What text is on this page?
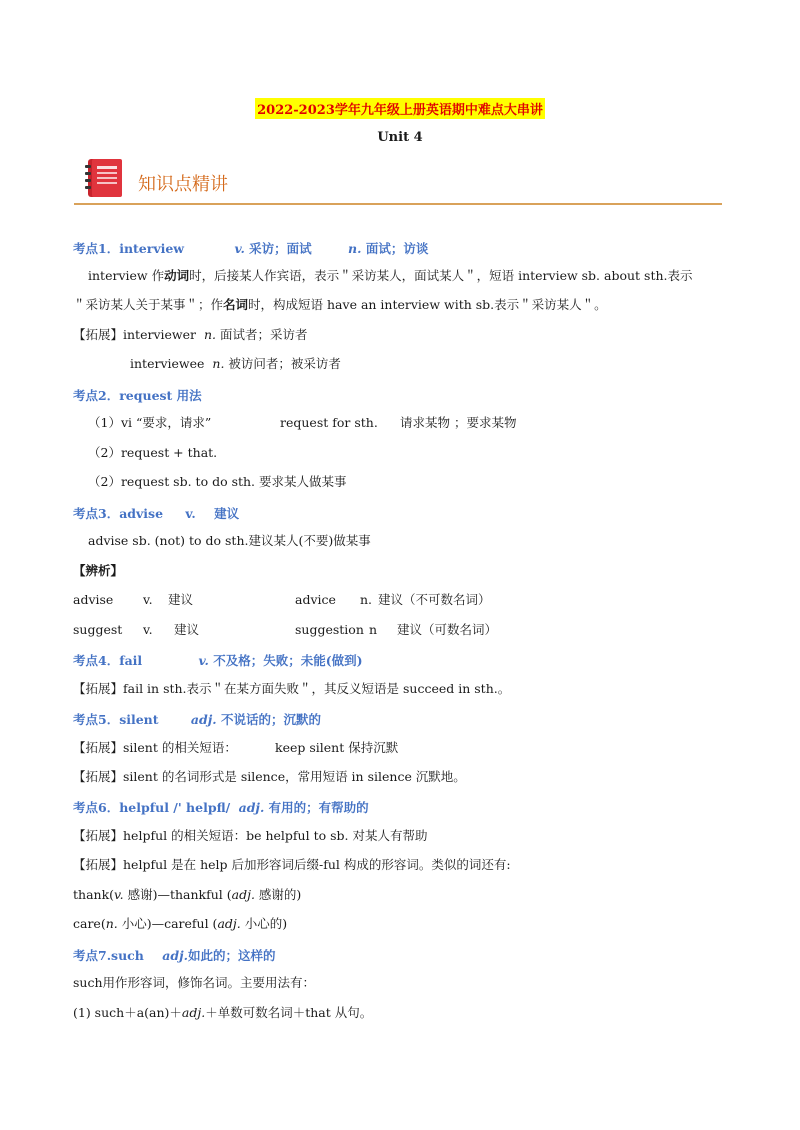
2022-2023学年九年级上册英语期中难点大串讲
Unit 4
知识点精讲
考点1．interview	v. 采访；面试	n. 面试；访谈
interview 作动词时，后接某人作宾语，表示＂采访某人，面试某人＂，短语 interview sb. about sth.表示
＂采访某人关于某事＂；作名词时，构成短语 have an interview with sb.表示＂采访某人＂。
【拓展】interviewer n. 面试者；采访者
interviewee n. 被访问者；被采访者
考点2．request 用法
（1）vi “要求，请求”	request for sth. 请求某物 ；要求某物
（2）request + that.
（2）request sb. to do sth. 要求某人做某事
考点3．advise v. 建议
advise sb. (not) to do sth.建议某人(不要)做某事
【辨析】
advise v. 建议	advice n. 建议（不可数名词）
suggest v. 建议	suggestion n 建议（可数名词）
考点4．fail	v. 不及格；失败；未能(做到)
【拓展】fail in sth.表示＂在某方面失败＂，其反义短语是 succeed in sth.。
考点5．silent	adj. 不说话的；沉默的
【拓展】silent 的相关短语：	keep silent 保持沉默
【拓展】silent 的名词形式是 silence，常用短语 in silence 沉默地。
考点6．helpful /' helpfl/ adj. 有用的；有帮助的
【拓展】helpful 的相关短语：be helpful to sb. 对某人有帮助
【拓展】helpful 是在 help 后加形容词后缀-ful 构成的形容词。类似的词还有:
thank(v. 感谢)—thankful (adj. 感谢的)
care(n. 小心)—careful (adj. 小心的)
考点7.such adj.如此的；这样的
such用作形容词，修饰名词。主要用法有：
(1) such＋a(an)＋adj.＋单数可数名词＋that 从句。
